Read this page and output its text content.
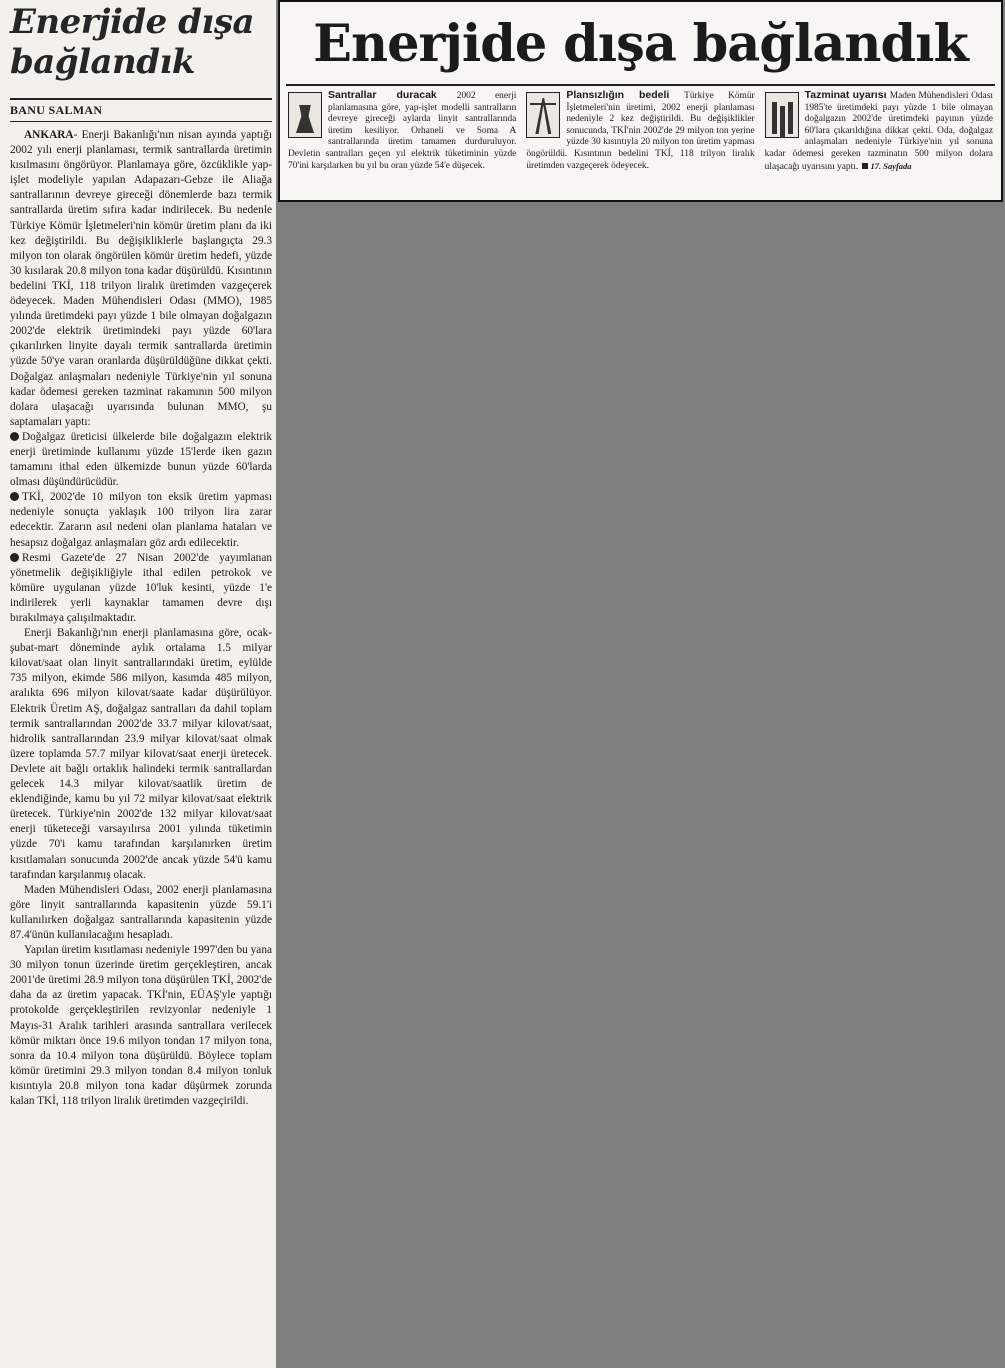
Enerjide dışa bağlandık
BANU SALMAN

ANKARA- Enerji Bakanlığı'nın nisan ayında yaptığı 2002 yılı enerji planlaması, termik santrallarda üretimin kısılmasını öngörüyor. Planlamaya göre, özcüklikle yap-işlet modeliyle yapılan Adapazarı-Gebze ile Aliağa santrallarının devreye gireceği dönemlerde bazı termik santrallarda üretim sıfıra kadar indirilecek. Bu nedenle Türkiye Kömür İşletmeleri'nin kömür üretim planı da iki kez değiştirildi. Bu değişikliklerle başlangıçta 29.3 milyon ton olarak öngörülen kömür üretim hedefi, yüzde 30 kısılarak 20.8 milyon tona kadar düşürüldü. Kısıntının bedelini TKİ, 118 trilyon liralık üretimden vazgeçerek ödeyecek. Maden Mühendisleri Odası (MMO), 1985 yılında üretimdeki payı yüzde 1 bile olmayan doğalgazın 2002'de elektrik üretimindeki payı yüzde 60'lara çıkarılırken linyite dayalı termik santrallarda üretimin yüzde 50'ye varan oranlarda düşürüldüğüne dikkat çekti. Doğalgaz anlaşmaları nedeniyle Türkiye'nin yıl sonuna kadar ödemesi gereken tazminat rakamının 500 milyon dolara ulaşacağı uyarısında bulunan MMO, şu saptamaları yaptı:

Doğalgaz üreticisi ülkelerde bile doğalgazın elektrik enerji üretiminde kullanımı yüzde 15'lerde iken gazın tamamını ithal eden ülkemizde bunun yüzde 60'larda olması düşündürücüdür.

TKİ, 2002'de 10 milyon ton eksik üretim yapması nedeniyle sonuçta yaklaşık 100 trilyon lira zarar edecektir. Zararın asıl nedeni olan planlama hataları ve hesapsız doğalgaz anlaşmaları göz ardı edilecektir.

Resmi Gazete'de 27 Nisan 2002'de yayımlanan yönetmelik değişikliğiyle ithal edilen petrokok ve kömüre uygulanan yüzde 10'luk kesinti, yüzde 1'e indirilerek yerli kaynaklar tamamen devre dışı bırakılmaya çalışılmaktadır.

Enerji Bakanlığı'nın enerji planlamasına göre, ocak-şubat-mart döneminde aylık ortalama 1.5 milyar kilovat/saat olan linyit santrallarındaki üretim, eylülde 735 milyon, ekimde 586 milyon, kasımda 485 milyon, aralıkta 696 milyon kilovat/saate kadar düşürülüyor. Elektrik Üretim AŞ, doğalgaz santralları da dahil toplam termik santrallarından 2002'de 33.7 milyar kilovat/saat, hidrolik santrallarından 23.9 milyar kilovat/saat olmak üzere toplamda 57.7 milyar kilovat/saat enerji üretecek. Devlete ait bağlı ortaklık halindeki termik santrallardan gelecek 14.3 milyar kilovat/saatlik üretim de eklendiğinde, kamu bu yıl 72 milyar kilovat/saat elektrik üretecek. Türkiye'nin 2002'de 132 milyar kilovat/saat enerji tüketeceği varsayılırsa 2001 yılında tüketimin yüzde 70'i kamu tarafından karşılanırken üretim kısıtlamaları sonucunda 2002'de ancak yüzde 54'ü kamu tarafından karşılanmış olacak.

Maden Mühendisleri Odası, 2002 enerji planlamasına göre linyit santrallarında kapasitenin yüzde 59.1'i kullanılırken doğalgaz santrallarında kapasitenin yüzde 87.4'ünün kullanılacağını hesapladı.

Yapılan üretim kısıtlaması nedeniyle 1997'den bu yana 30 milyon tonun üzerinde üretim gerçekleştiren, ancak 2001'de üretimi 28.9 milyon tona düşürülen TKİ, 2002'de daha da az üretim yapacak. TKİ'nin, EÜAŞ'yle yaptığı protokolde gerçekleştirilen revizyonlar nedeniyle 1 Mayıs-31 Aralık tarihleri arasında santrallara verilecek kömür miktarı önce 19.6 milyon tondan 17 milyon tona, sonra da 10.4 milyon tona düşürüldü. Böylece toplam kömür üretimini 29.3 milyon tondan 8.4 milyon tonluk kısıntıyla 20.8 milyon tona kadar düşürmek zorunda kalan TKİ, 118 trilyon liralık üretimden vazgeçirildi.

Enerjide dışa bağlandık
Santrallar duracak 2002 enerji planlamasına göre, yap-işlet modelli santralların devreye gireceği aylarda linyit santrallarında üretim kesiliyor. Orhaneli ve Soma A santrallarında üretim tamamen durduruluyor. Devletin santralları geçen yıl elektrik tüketiminin yüzde 70'ini karşılarken bu yıl bu oran yüzde 54'e düşecek.
Plansızlığın bedeli Türkiye Kömür İşletmeleri'nin üretimi, 2002 enerji planlaması nedeniyle 2 kez değiştirildi. Bu değişiklikler sonucunda, TKİ'nin 2002'de 29 milyon ton yerine yüzde 30 kısıntıyla 20 milyon ton üretim yapması öngörüldü. Kısıntının bedelini TKİ, 118 trilyon liralık üretimden vazgeçerek ödeyecek.
Tazminat uyarısı Maden Mühendisleri Odası 1985'te üretimdeki payı yüzde 1 bile olmayan doğalgazın 2002'de üretimdeki payının yüzde 60'lara çıkarıldığına dikkat çekti. Oda, doğalgaz anlaşmaları nedeniyle Türkiye'nin yıl sonuna kadar ödemesi gereken tazminatın 500 milyon dolara ulaşacağı uyarısını yaptı. 17. Sayfada
